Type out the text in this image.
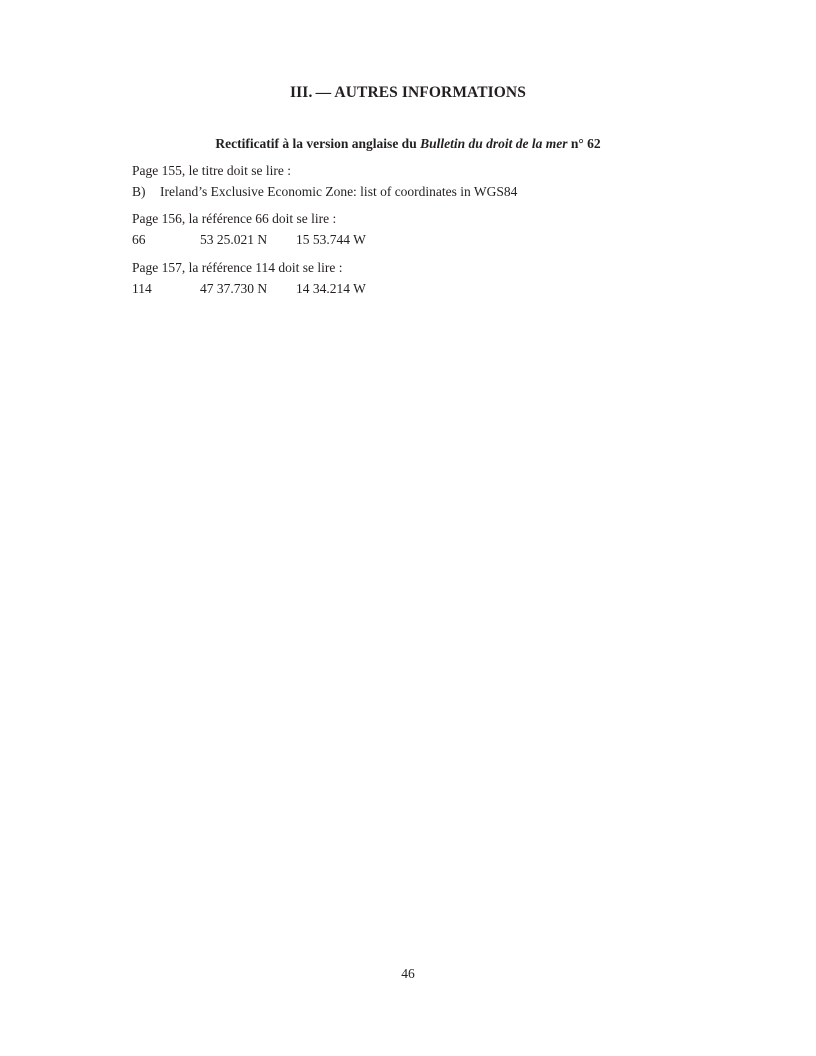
III. — AUTRES INFORMATIONS
Rectificatif à la version anglaise du Bulletin du droit de la mer n° 62
Page 155, le titre doit se lire :
B) Ireland’s Exclusive Economic Zone: list of coordinates in WGS84
Page 156, la référence 66 doit se lire :
66	53 25.021 N 15 53.744 W
Page 157, la référence 114 doit se lire :
114	47 37.730 N 14 34.214 W
46
